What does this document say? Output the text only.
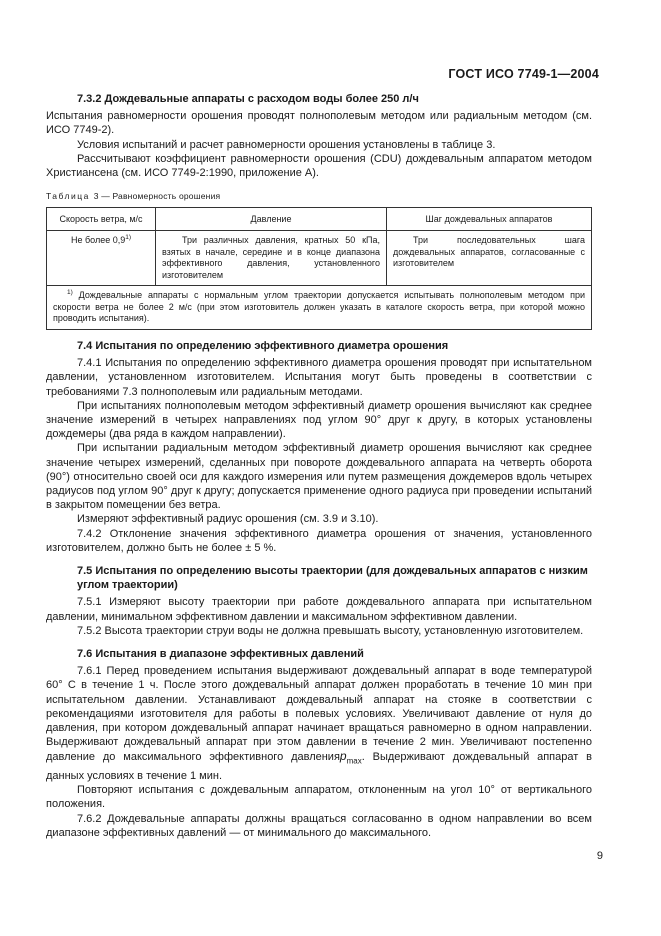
ГОСТ ИСО 7749-1—2004
7.3.2 Дождевальные аппараты с расходом воды более 250 л/ч

Испытания равномерности орошения проводят полнополевым методом или радиальным методом (см. ИСО 7749-2).

Условия испытаний и расчет равномерности орошения установлены в таблице 3.

Рассчитывают коэффициент равномерности орошения (CDU) дождевальным аппаратом методом Христиансена (см. ИСО 7749-2:1990, приложение А).

Таблица 3 — Равномерность орошения
Скорость ветра, м/с	Давление	Шаг дождевальных аппаратов
Не более 0,9$^{1)}$	Три различных давления, кратных 50 кПа, взятых в начале, середине и в конце диапазона эффективного давления, установленного изготовителем	Три последовательных шага дождевальных аппаратов, согласованные с изготовителем
$^{1)}$ Дождевальные аппараты с нормальным углом траектории допускается испытывать полнополевым методом при скорости ветра не более 2 м/с (при этом изготовитель должен указать в каталоге скорость ветра, при которой можно проводить испытания).		
7.4 Испытания по определению эффективного диаметра орошения

7.4.1 Испытания по определению эффективного диаметра орошения проводят при испытательном давлении, установленном изготовителем. Испытания могут быть проведены в соответствии с требованиями 7.3 полнополевым или радиальным методами.

При испытаниях полнополевым методом эффективный диаметр орошения вычисляют как среднее значение измерений в четырех направлениях под углом 90° друг к другу, в которых установлены дождемеры (два ряда в каждом направлении).

При испытании радиальным методом эффективный диаметр орошения вычисляют как среднее значение четырех измерений, сделанных при повороте дождевального аппарата на четверть оборота (90°) относительно своей оси для каждого измерения или путем размещения дождемеров вдоль четырех радиусов под углом 90° друг к другу; допускается применение одного радиуса при проведении испытаний в закрытом помещении без ветра.

Измеряют эффективный радиус орошения (см. 3.9 и 3.10).

7.4.2 Отклонение значения эффективного диаметра орошения от значения, установленного изготовителем, должно быть не более ± 5 %.

7.5 Испытания по определению высоты траектории (для дождевальных аппаратов с низким углом траектории)

7.5.1 Измеряют высоту траектории при работе дождевального аппарата при испытательном давлении, минимальном эффективном давлении и максимальном эффективном давлении.

7.5.2 Высота траектории струи воды не должна превышать высоту, установленную изготовителем.

7.6 Испытания в диапазоне эффективных давлений

7.6.1 Перед проведением испытания выдерживают дождевальный аппарат в воде температурой 60° С в течение 1 ч. После этого дождевальный аппарат должен проработать в течение 10 мин при испытательном давлении. Устанавливают дождевальный аппарат на стояке в соответствии с рекомендациями изготовителя для работы в полевых условиях. Увеличивают давление от нуля до давления, при котором дождевальный аппарат начинает вращаться равномерно в одном направлении. Выдерживают дождевальный аппарат при этом давлении в течение 2 мин. Увеличивают постепенно давление до максимального эффективного давленияp$_{max}$. Выдерживают дождевальный аппарат в данных условиях в течение 1 мин.

Повторяют испытания с дождевальным аппаратом, отклоненным на угол 10° от вертикального положения.

7.6.2 Дождевальные аппараты должны вращаться согласованно в одном направлении во всем диапазоне эффективных давлений — от минимального до максимального.

9
